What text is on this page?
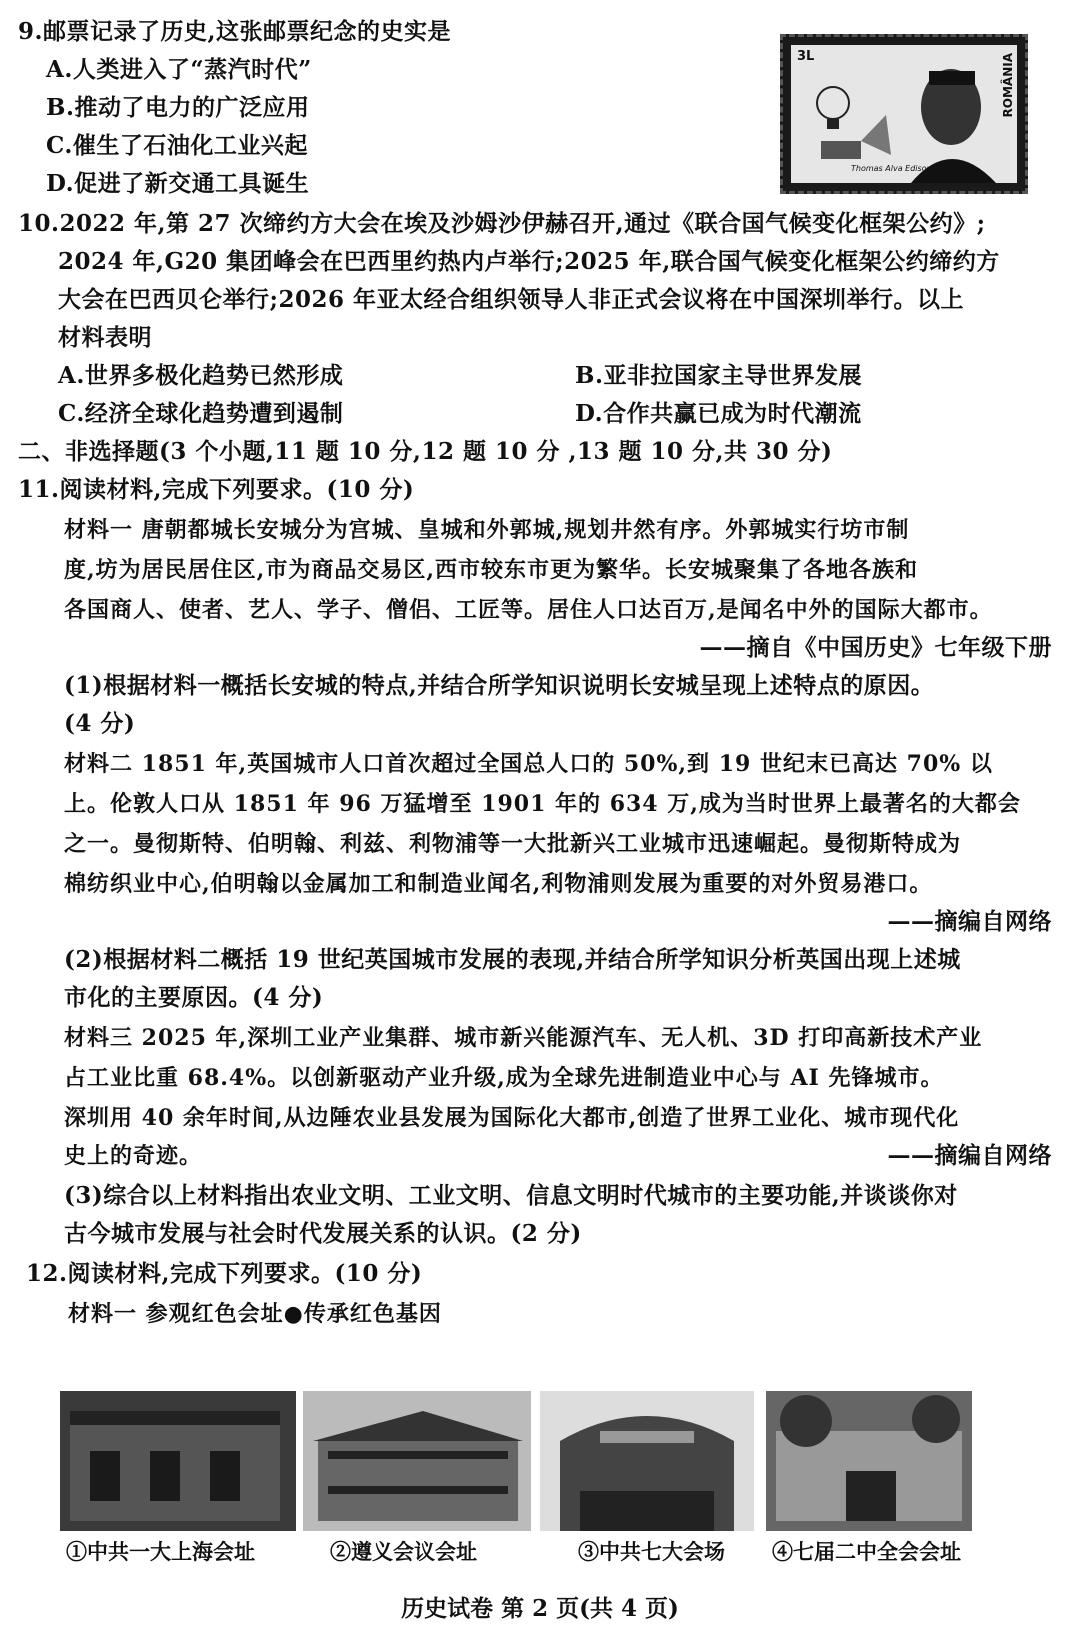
9.邮票记录了历史,这张邮票纪念的史实是
A.人类进入了“蒸汽时代”
B.推动了电力的广泛应用
C.催生了石油化工业兴起
D.促进了新交通工具诞生
3L	ROMÂNIA
Thomas Alva Edison
10.2022 年,第 27 次缔约方大会在埃及沙姆沙伊赫召开,通过《联合国气候变化框架公约》;
2024 年,G20 集团峰会在巴西里约热内卢举行;2025 年,联合国气候变化框架公约缔约方
大会在巴西贝仑举行;2026 年亚太经合组织领导人非正式会议将在中国深圳举行。以上
材料表明
A.世界多极化趋势已然形成	B.亚非拉国家主导世界发展
C.经济全球化趋势遭到遏制	D.合作共赢已成为时代潮流
二、非选择题(3 个小题,11 题 10 分,12 题 10 分 ,13 题 10 分,共 30 分)
11.阅读材料,完成下列要求。(10 分)
材料一 唐朝都城长安城分为宫城、皇城和外郭城,规划井然有序。外郭城实行坊市制
度,坊为居民居住区,市为商品交易区,西市较东市更为繁华。长安城聚集了各地各族和
各国商人、使者、艺人、学子、僧侣、工匠等。居住人口达百万,是闻名中外的国际大都市。
——摘自《中国历史》七年级下册
(1)根据材料一概括长安城的特点,并结合所学知识说明长安城呈现上述特点的原因。
(4 分)
材料二 1851 年,英国城市人口首次超过全国总人口的 50%,到 19 世纪末已高达 70% 以
上。伦敦人口从 1851 年 96 万猛增至 1901 年的 634 万,成为当时世界上最著名的大都会
之一。曼彻斯特、伯明翰、利兹、利物浦等一大批新兴工业城市迅速崛起。曼彻斯特成为
棉纺织业中心,伯明翰以金属加工和制造业闻名,利物浦则发展为重要的对外贸易港口。
——摘编自网络
(2)根据材料二概括 19 世纪英国城市发展的表现,并结合所学知识分析英国出现上述城
市化的主要原因。(4 分)
材料三 2025 年,深圳工业产业集群、城市新兴能源汽车、无人机、3D 打印高新技术产业
占工业比重 68.4%。以创新驱动产业升级,成为全球先进制造业中心与 AI 先锋城市。
深圳用 40 余年时间,从边陲农业县发展为国际化大都市,创造了世界工业化、城市现代化
史上的奇迹。	——摘编自网络
(3)综合以上材料指出农业文明、工业文明、信息文明时代城市的主要功能,并谈谈你对
古今城市发展与社会时代发展关系的认识。(2 分)
12.阅读材料,完成下列要求。(10 分)
材料一 参观红色会址●传承红色基因
①中共一大上海会址	②遵义会议会址	③中共七大会场 ④七届二中全会会址
历史试卷 第 2 页(共 4 页)
